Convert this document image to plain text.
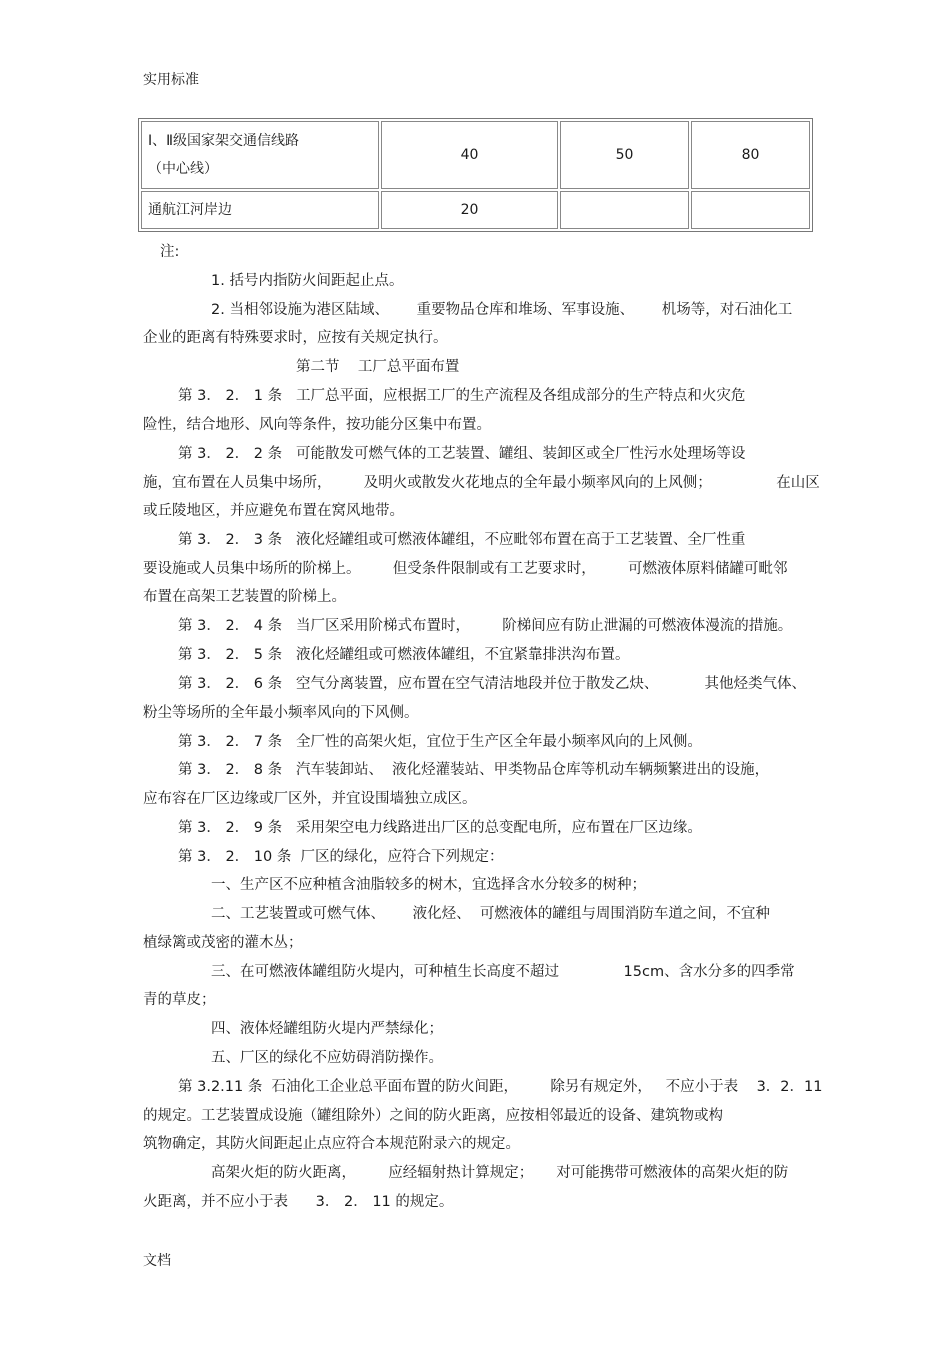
实用标准
Ⅰ、Ⅱ级国家架交通信线路
（中心线）	40	50	80

通航江河岸边	20		
注:
1. 括号内指防火间距起止点。
2. 当相邻设施为港区陆域、      重要物品仓库和堆场、军事设施、      机场等，对石油化工
企业的距离有特殊要求时，应按有关规定执行。
第二节    工厂总平面布置
第 3． 2． 1 条   工厂总平面，应根据工厂的生产流程及各组成部分的生产特点和火灾危
险性，结合地形、风向等条件，按功能分区集中布置。
第 3． 2． 2 条   可能散发可燃气体的工艺装置、罐组、装卸区或全厂性污水处理场等设
施，宜布置在人员集中场所，       及明火或散发火花地点的全年最小频率风向的上风侧；              在山区
或丘陵地区，并应避免布置在窝风地带。
第 3． 2． 3 条   液化烃罐组或可燃液体罐组，不应毗邻布置在高于工艺装置、全厂性重
要设施或人员集中场所的阶梯上。       但受条件限制或有工艺要求时，       可燃液体原料储罐可毗邻
布置在高架工艺装置的阶梯上。
第 3． 2． 4 条   当厂区采用阶梯式布置时，       阶梯间应有防止泄漏的可燃液体漫流的措施。
第 3． 2． 5 条   液化烃罐组或可燃液体罐组，不宜紧靠排洪沟布置。
第 3． 2． 6 条   空气分离装置，应布置在空气清洁地段并位于散发乙炔、          其他烃类气体、
粉尘等场所的全年最小频率风向的下风侧。
第 3． 2． 7 条   全厂性的高架火炬，宜位于生产区全年最小频率风向的上风侧。
第 3． 2． 8 条   汽车装卸站、  液化烃灌装站、甲类物品仓库等机动车辆频繁进出的设施，
应布容在厂区边缘或厂区外，并宜设围墙独立成区。
第 3． 2． 9 条   采用架空电力线路进出厂区的总变配电所，应布置在厂区边缘。
第 3． 2． 10 条  厂区的绿化，应符合下列规定：
一、生产区不应种植含油脂较多的树木，宜选择含水分较多的树种；
二、工艺装置或可燃气体、      液化烃、  可燃液体的罐组与周围消防车道之间，不宜种
植绿篱或茂密的灌木丛；
三、在可燃液体罐组防火堤内，可种植生长高度不超过              15cm、含水分多的四季常
青的草皮；
四、液体烃罐组防火堤内严禁绿化；
五、厂区的绿化不应妨碍消防操作。
第 3.2.11 条  石油化工企业总平面布置的防火间距，       除另有规定外，   不应小于表    3．2．11
的规定。工艺装置成设施（罐组除外）之间的防火距离，应按相邻最近的设备、建筑物或构
筑物确定，其防火间距起止点应符合本规范附录六的规定。
高架火炬的防火距离，       应经辐射热计算规定；     对可能携带可燃液体的高架火炬的防
火距离，并不应小于表      3． 2． 11 的规定。
文档
